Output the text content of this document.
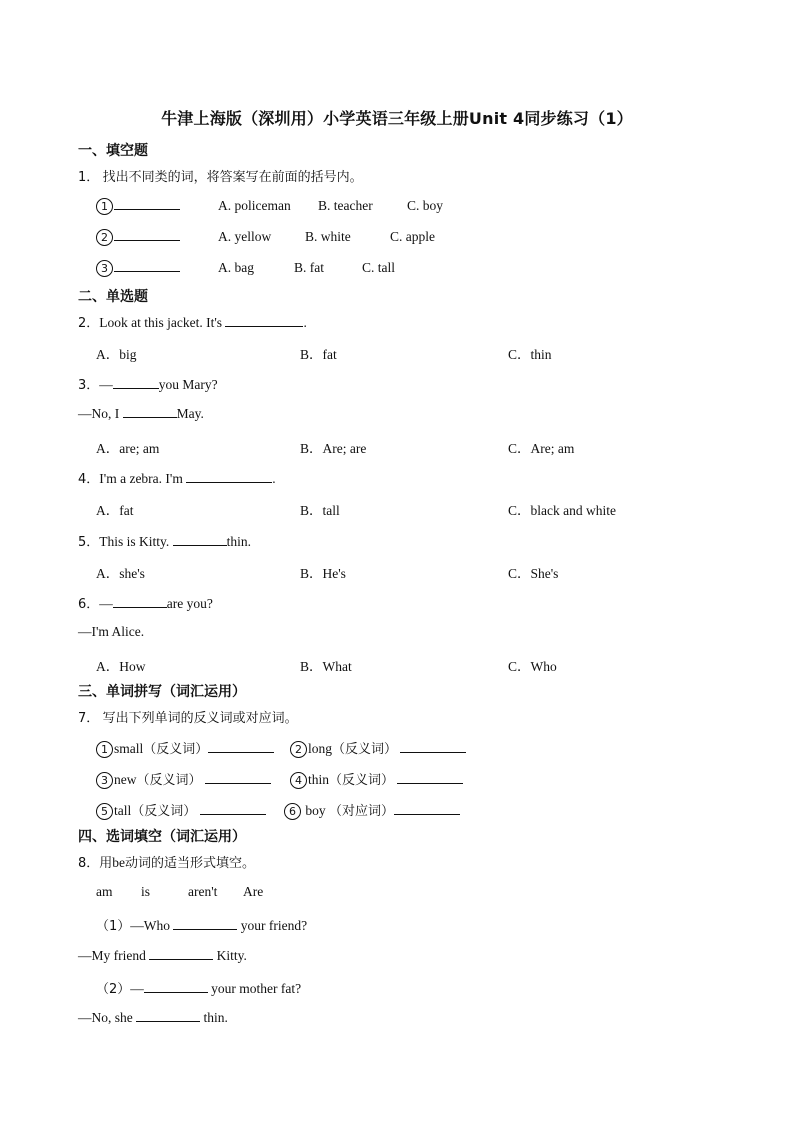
牛津上海版（深圳用）小学英语三年级上册Unit 4同步练习（1）
一、填空题
1． 找出不同类的词，将答案写在前面的括号内。
1	A. policeman B. teacher	C. boy
2	A. yellow	B. white	C. apple
3	A. bag	B. fat	C. tall
二、单选题
2．Look at this jacket. It's	.
A．big	B．fat	C．thin
3．—	you Mary?
—No, I	May.
A．are; am	B．Are; are	C．Are; am
4．I'm a zebra. I'm	.
A．fat	B．tall	C．black and white
5．This is Kitty.	thin.
A．she's	B．He's	C．She's
6．—	are you?
—I'm Alice.
A．How	B．What	C．Who
三、单词拼写（词汇运用）
7． 写出下列单词的反义词或对应词。
1 small（反义词）	2 long（反义词）
3 new（反义词）	4 thin（反义词）
5 tall（反义词）	6 boy （对应词）
四、选词填空（词汇运用）
8．用be动词的适当形式填空。
am is	aren't Are
（1）—Who	your friend?
—My friend	Kitty.
（2）—	your mother fat?
—No, she	thin.
